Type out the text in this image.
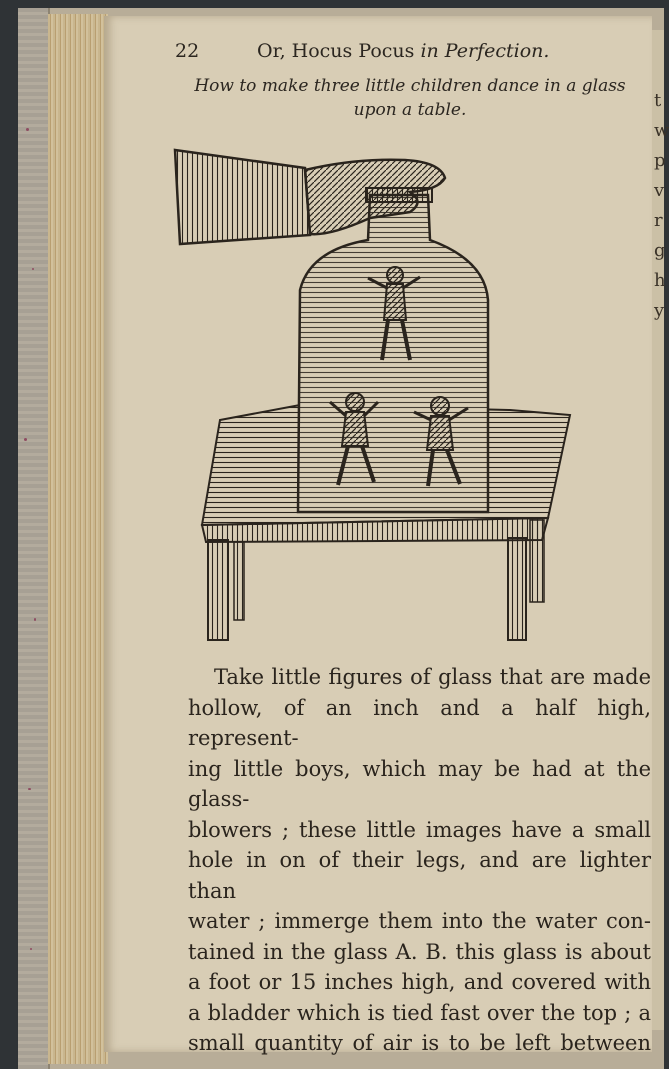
t
w
p
v
r
g
h
y
22	Or, Hocus Pocus in Perfection.
How to make three little children dance in a glass
upon a table.

Take little figures of glass that are made

hollow, of an inch and a half high, represent-

ing little boys, which may be had at the glass-

blowers ; these little images have a small

hole in on of their legs, and are lighter than

water ; immerge them into the water con-

tained in the glass A. B. this glass is about

a foot or 15 inches high, and covered with

a bladder which is tied fast over the top ; a

small quantity of air is to be left between
